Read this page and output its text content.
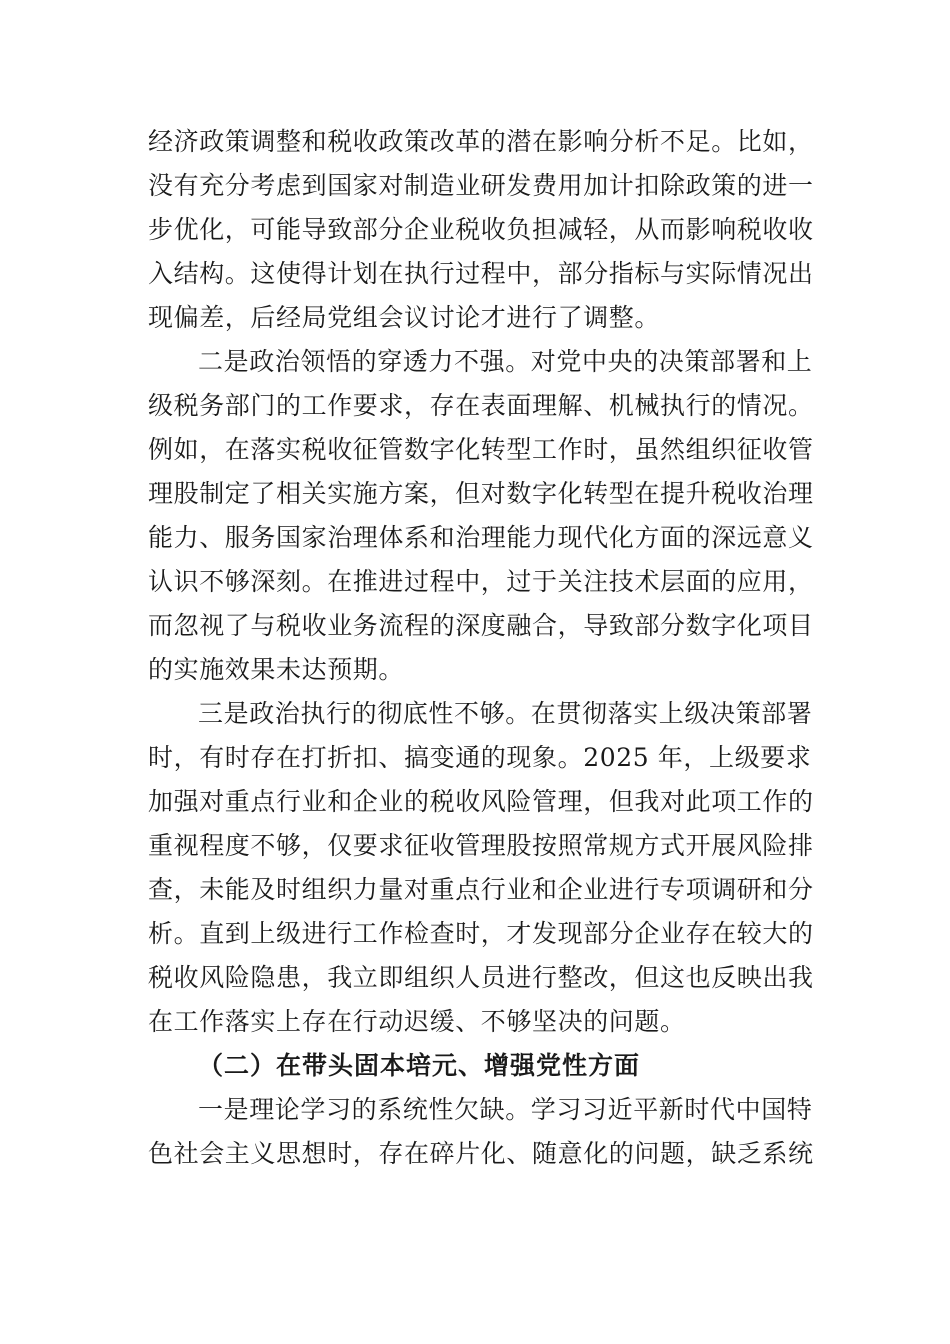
经济政策调整和税收政策改革的潜在影响分析不足。比如，
没有充分考虑到国家对制造业研发费用加计扣除政策的进一
步优化，可能导致部分企业税收负担减轻，从而影响税收收
入结构。这使得计划在执行过程中，部分指标与实际情况出
现偏差，后经局党组会议讨论才进行了调整。
二是政治领悟的穿透力不强。对党中央的决策部署和上
级税务部门的工作要求，存在表面理解、机械执行的情况。
例如，在落实税收征管数字化转型工作时，虽然组织征收管
理股制定了相关实施方案，但对数字化转型在提升税收治理
能力、服务国家治理体系和治理能力现代化方面的深远意义
认识不够深刻。在推进过程中，过于关注技术层面的应用，
而忽视了与税收业务流程的深度融合，导致部分数字化项目
的实施效果未达预期。
三是政治执行的彻底性不够。在贯彻落实上级决策部署
时，有时存在打折扣、搞变通的现象。2025 年，上级要求
加强对重点行业和企业的税收风险管理，但我对此项工作的
重视程度不够，仅要求征收管理股按照常规方式开展风险排
查，未能及时组织力量对重点行业和企业进行专项调研和分
析。直到上级进行工作检查时，才发现部分企业存在较大的
税收风险隐患，我立即组织人员进行整改，但这也反映出我
在工作落实上存在行动迟缓、不够坚决的问题。
（二）在带头固本培元、增强党性方面
一是理论学习的系统性欠缺。学习习近平新时代中国特
色社会主义思想时，存在碎片化、随意化的问题，缺乏系统
